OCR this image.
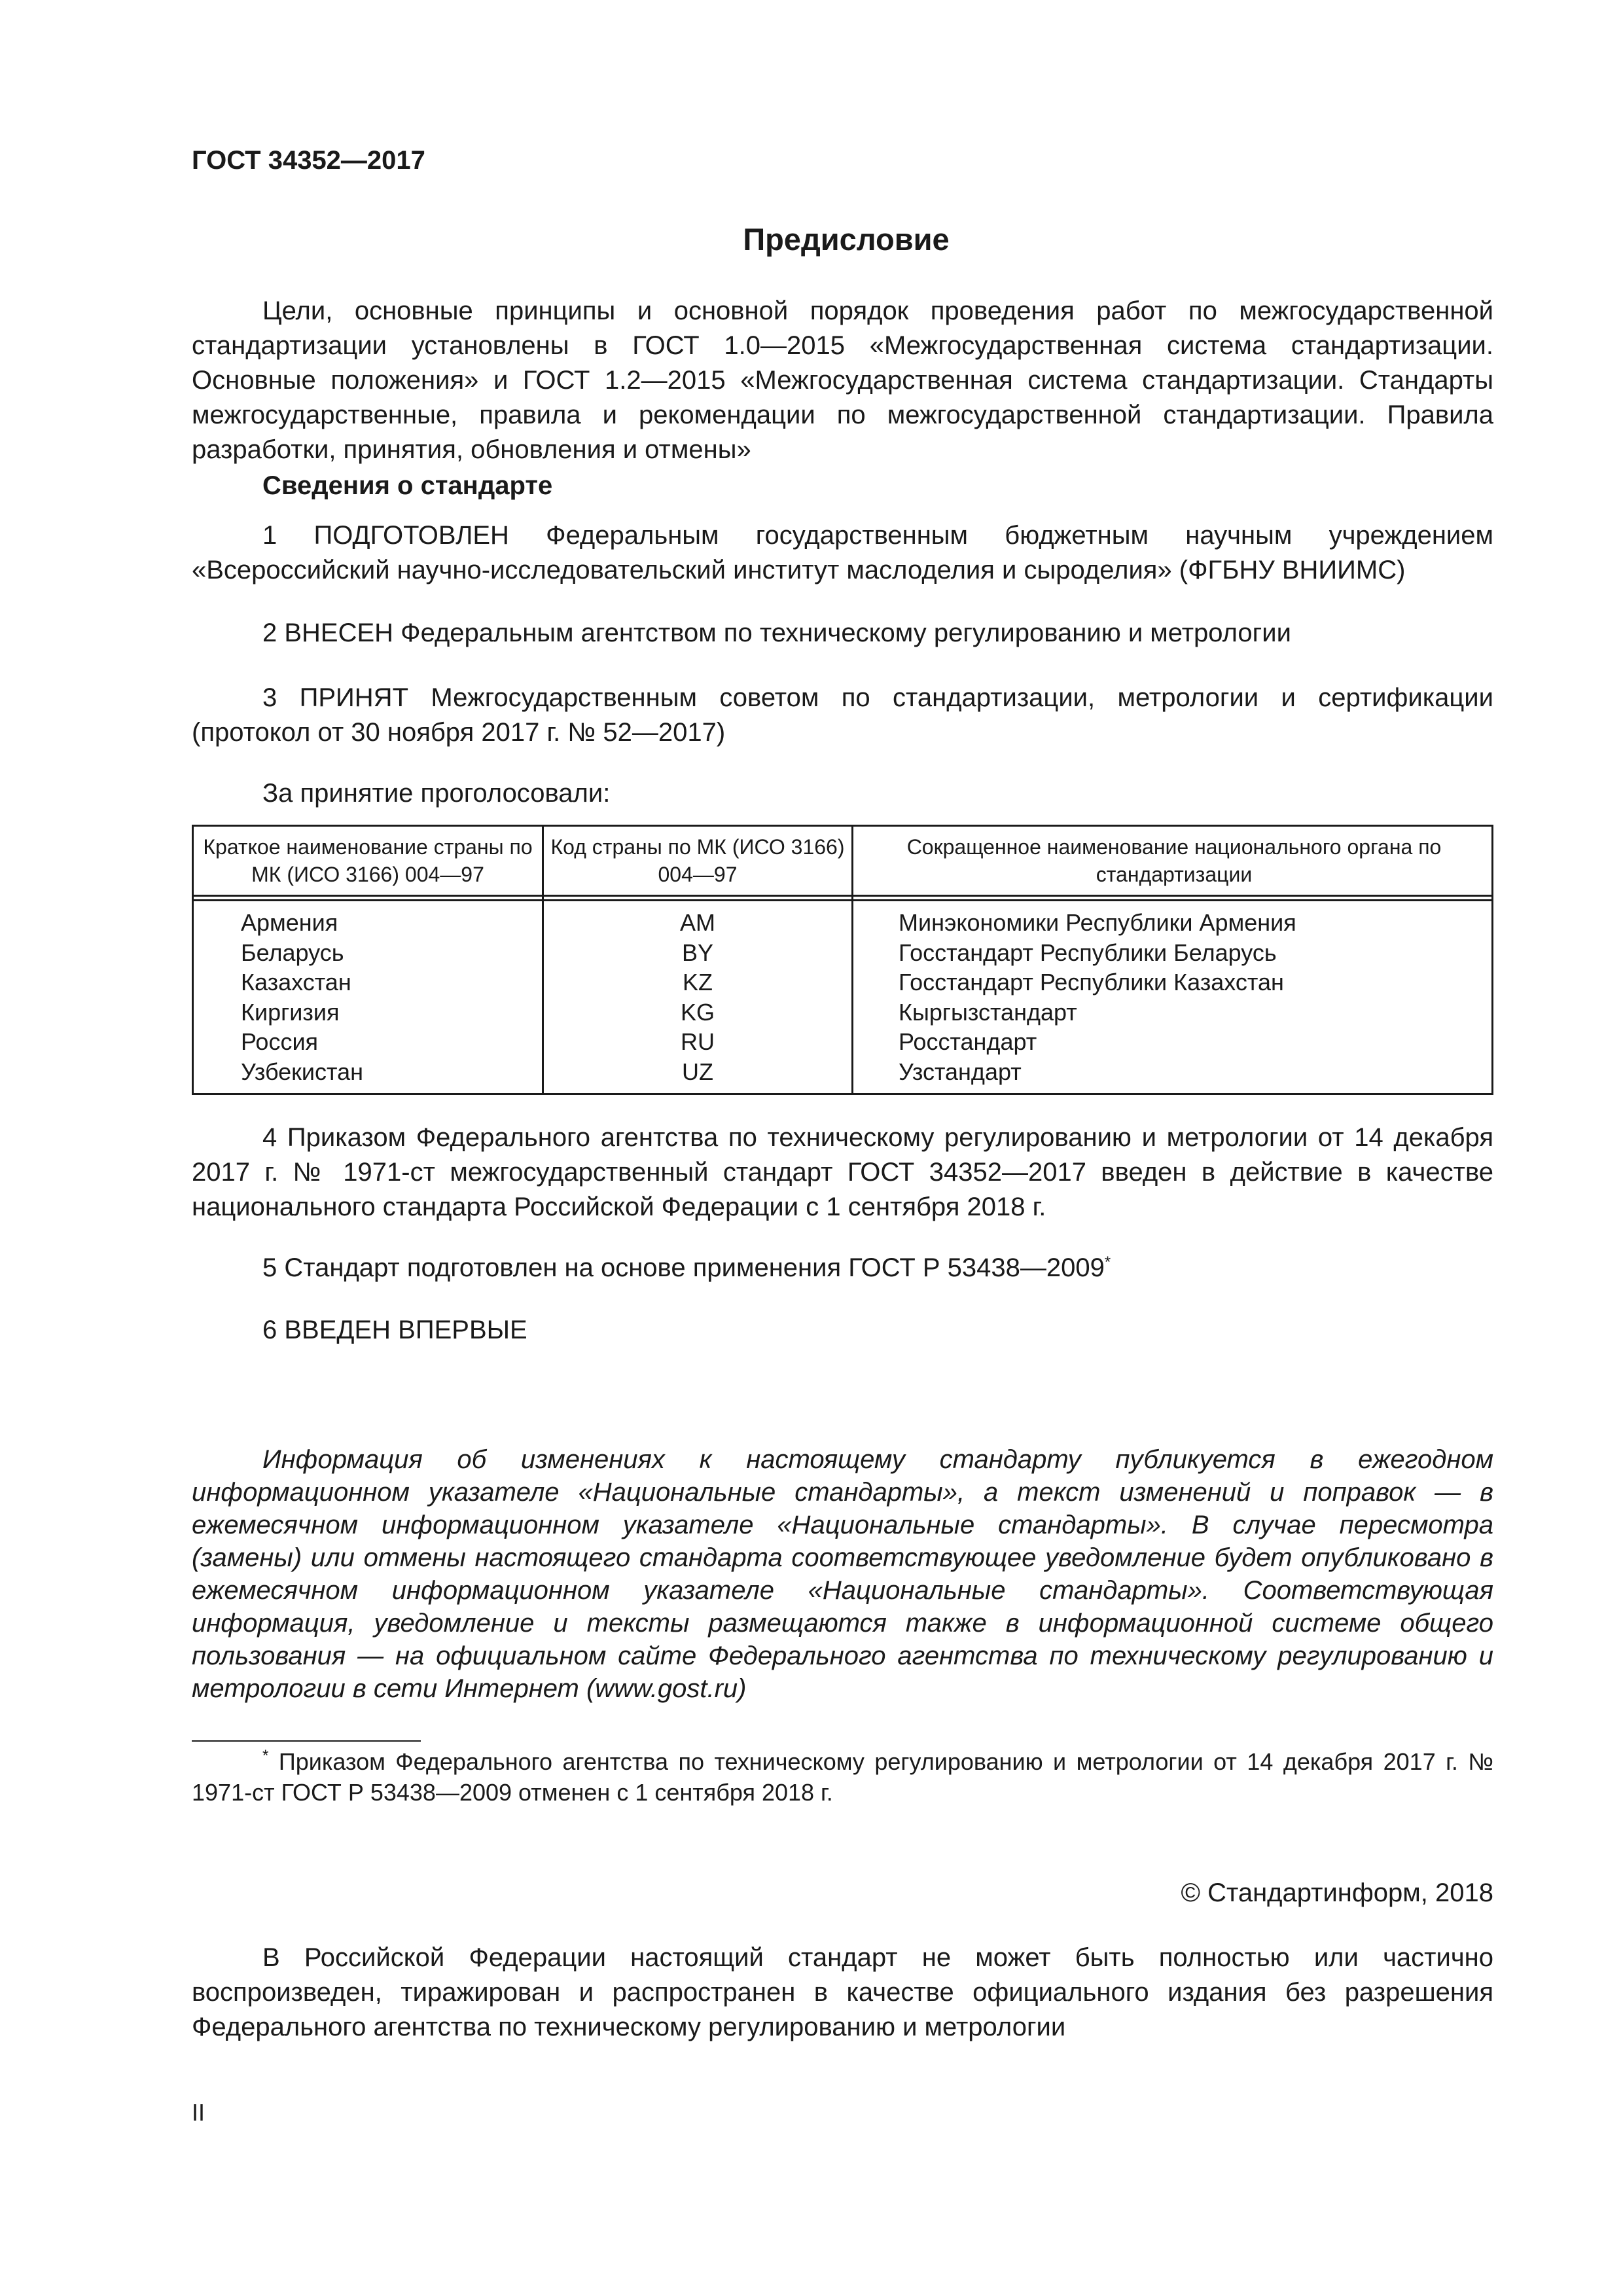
ГОСТ 34352—2017
Предисловие

Цели, основные принципы и основной порядок проведения работ по межгосударственной стандартизации установлены в ГОСТ 1.0—2015 «Межгосударственная система стандартизации. Основные положения» и ГОСТ 1.2—2015 «Межгосударственная система стандартизации. Стандарты межгосударственные, правила и рекомендации по межгосударственной стандартизации. Правила разработки, принятия, обновления и отмены»

Сведения о стандарте

1 ПОДГОТОВЛЕН Федеральным государственным бюджетным научным учреждением «Всероссийский научно-исследовательский институт маслоделия и сыроделия» (ФГБНУ ВНИИМС)

2 ВНЕСЕН Федеральным агентством по техническому регулированию и метрологии

3 ПРИНЯТ Межгосударственным советом по стандартизации, метрологии и сертификации (протокол от 30 ноября 2017 г. № 52—2017)

За принятие проголосовали:
Краткое наименование страны по МК (ИСО 3166) 004—97
Код страны по МК (ИСО 3166) 004—97
Сокращенное наименование национального органа по стандартизации
Армения
Беларусь
Казахстан
Киргизия
Россия
Узбекистан
AM
BY
KZ
KG
RU
UZ
Минэкономики Республики Армения
Госстандарт Республики Беларусь
Госстандарт Республики Казахстан
Кыргызстандарт
Росстандарт
Узстандарт

4 Приказом Федерального агентства по техническому регулированию и метрологии от 14 декабря 2017 г. № 1971-ст межгосударственный стандарт ГОСТ 34352—2017 введен в действие в качестве национального стандарта Российской Федерации с 1 сентября 2018 г.

5 Стандарт подготовлен на основе применения ГОСТ Р 53438—2009*
6 ВВЕДЕН ВПЕРВЫЕ

Информация об изменениях к настоящему стандарту публикуется в ежегодном информационном указателе «Национальные стандарты», а текст изменений и поправок — в ежемесячном информационном указателе «Национальные стандарты». В случае пересмотра (замены) или отмены настоящего стандарта соответствующее уведомление будет опубликовано в ежемесячном информационном указателе «Национальные стандарты». Соответствующая информация, уведомление и тексты размещаются также в информационной системе общего пользования — на официальном сайте Федерального агентства по техническому регулированию и метрологии в сети Интернет (www.gost.ru)

* Приказом Федерального агентства по техническому регулированию и метрологии от 14 декабря 2017 г. № 1971-ст ГОСТ Р 53438—2009 отменен с 1 сентября 2018 г.

© Стандартинформ, 2018

В Российской Федерации настоящий стандарт не может быть полностью или частично воспроизведен, тиражирован и распространен в качестве официального издания без разрешения Федерального агентства по техническому регулированию и метрологии

II
